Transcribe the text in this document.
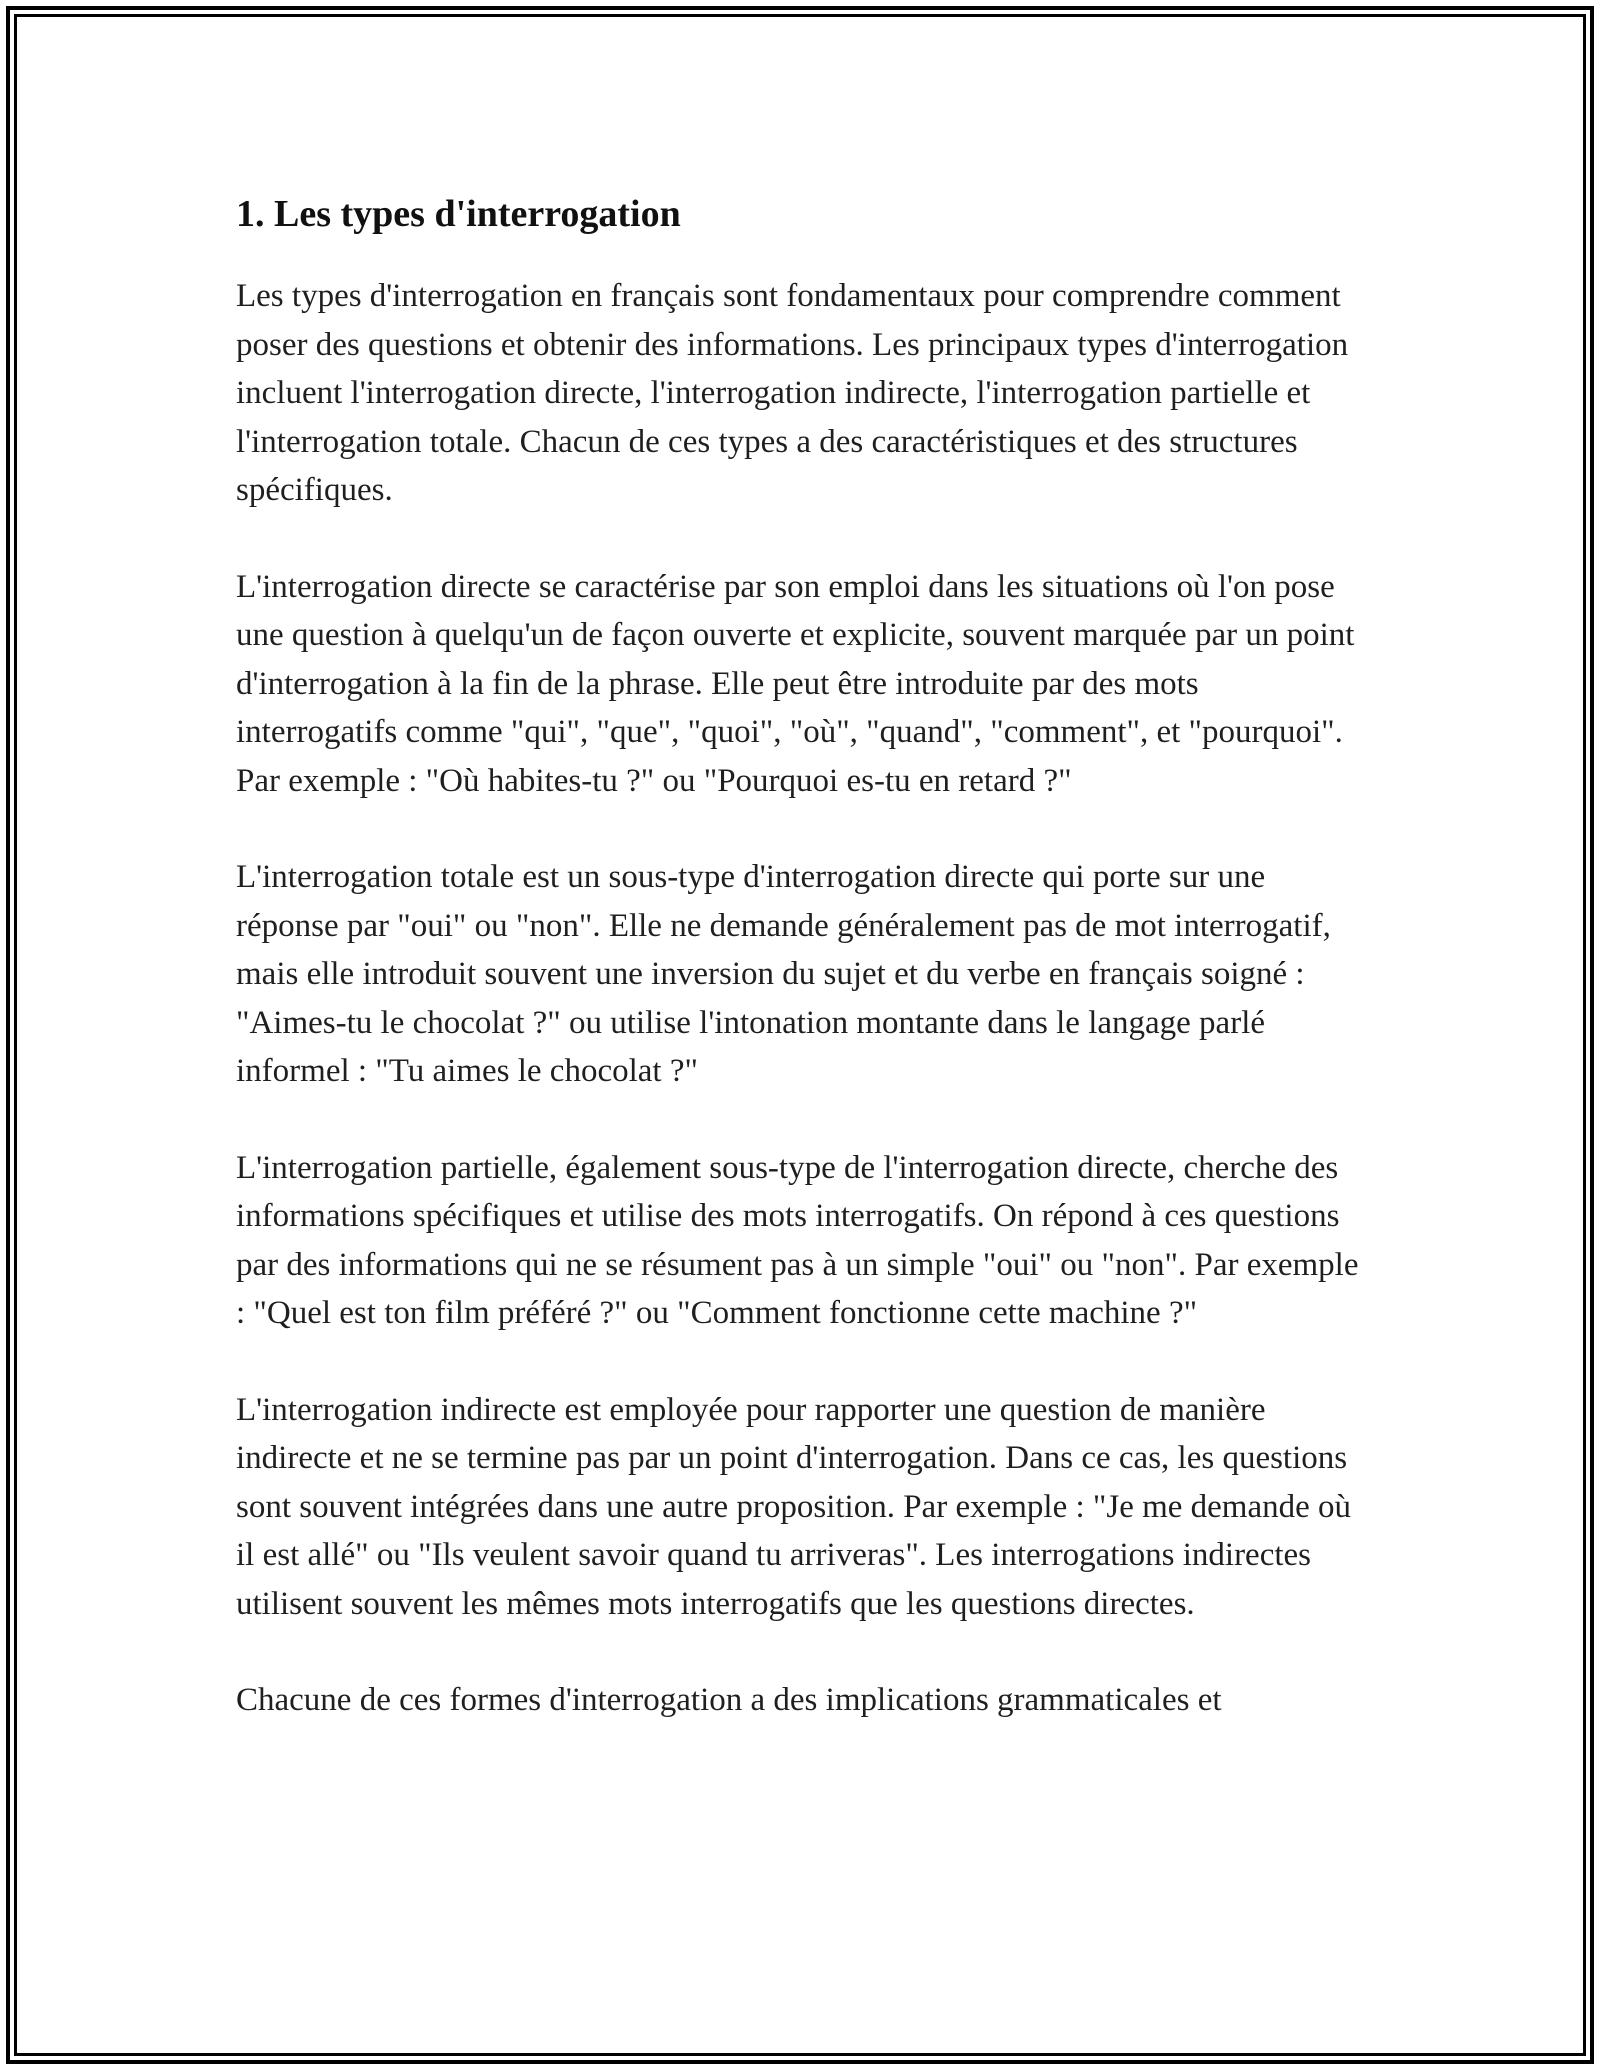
1. Les types d'interrogation

Les types d'interrogation en français sont fondamentaux pour comprendre comment poser des questions et obtenir des informations. Les principaux types d'interrogation incluent l'interrogation directe, l'interrogation indirecte, l'interrogation partielle et l'interrogation totale. Chacun de ces types a des caractéristiques et des structures spécifiques.

L'interrogation directe se caractérise par son emploi dans les situations où l'on pose une question à quelqu'un de façon ouverte et explicite, souvent marquée par un point d'interrogation à la fin de la phrase. Elle peut être introduite par des mots interrogatifs comme "qui", "que", "quoi", "où", "quand", "comment", et "pourquoi". Par exemple : "Où habites-tu ?" ou "Pourquoi es-tu en retard ?"

L'interrogation totale est un sous-type d'interrogation directe qui porte sur une réponse par "oui" ou "non". Elle ne demande généralement pas de mot interrogatif, mais elle introduit souvent une inversion du sujet et du verbe en français soigné : "Aimes-tu le chocolat ?" ou utilise l'intonation montante dans le langage parlé informel : "Tu aimes le chocolat ?"

L'interrogation partielle, également sous-type de l'interrogation directe, cherche des informations spécifiques et utilise des mots interrogatifs. On répond à ces questions par des informations qui ne se résument pas à un simple "oui" ou "non". Par exemple : "Quel est ton film préféré ?" ou "Comment fonctionne cette machine ?"

L'interrogation indirecte est employée pour rapporter une question de manière indirecte et ne se termine pas par un point d'interrogation. Dans ce cas, les questions sont souvent intégrées dans une autre proposition. Par exemple : "Je me demande où il est allé" ou "Ils veulent savoir quand tu arriveras". Les interrogations indirectes utilisent souvent les mêmes mots interrogatifs que les questions directes.

Chacune de ces formes d'interrogation a des implications grammaticales et
